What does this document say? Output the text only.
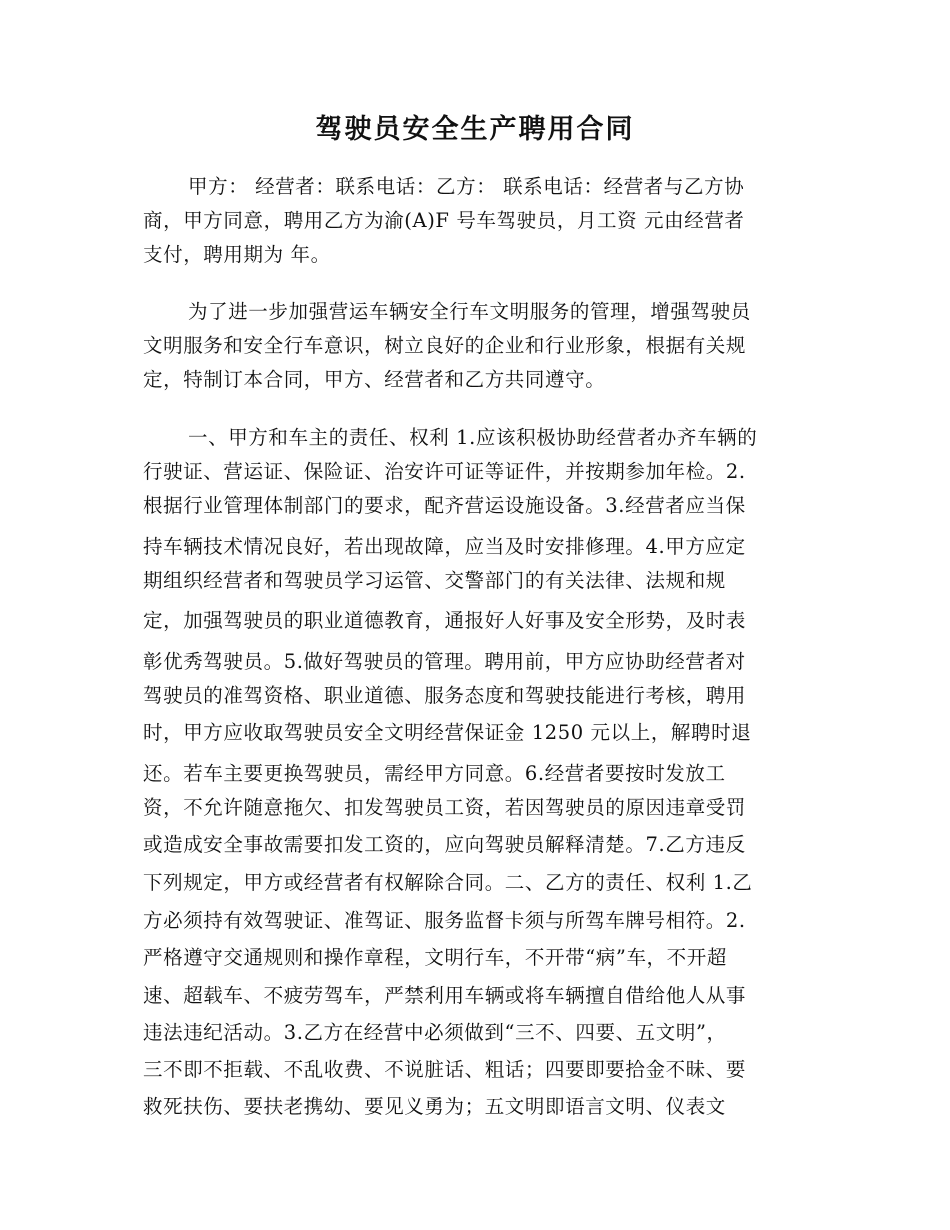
驾驶员安全生产聘用合同
甲方： 经营者：联系电话：乙方： 联系电话：经营者与乙方协
商，甲方同意，聘用乙方为渝(A)F 号车驾驶员，月工资 元由经营者
支付，聘用期为 年。
为了进一步加强营运车辆安全行车文明服务的管理，增强驾驶员
文明服务和安全行车意识，树立良好的企业和行业形象，根据有关规
定，特制订本合同，甲方、经营者和乙方共同遵守。
一、甲方和车主的责任、权利 1.应该积极协助经营者办齐车辆的
行驶证、营运证、保险证、治安许可证等证件，并按期参加年检。2.
根据行业管理体制部门的要求，配齐营运设施设备。3.经营者应当保
持车辆技术情况良好，若出现故障，应当及时安排修理。4.甲方应定
期组织经营者和驾驶员学习运管、交警部门的有关法律、法规和规
定，加强驾驶员的职业道德教育，通报好人好事及安全形势，及时表
彰优秀驾驶员。5.做好驾驶员的管理。聘用前，甲方应协助经营者对
驾驶员的准驾资格、职业道德、服务态度和驾驶技能进行考核，聘用
时，甲方应收取驾驶员安全文明经营保证金 1250 元以上，解聘时退
还。若车主要更换驾驶员，需经甲方同意。6.经营者要按时发放工
资，不允许随意拖欠、扣发驾驶员工资，若因驾驶员的原因违章受罚
或造成安全事故需要扣发工资的，应向驾驶员解释清楚。7.乙方违反
下列规定，甲方或经营者有权解除合同。二、乙方的责任、权利 1.乙
方必须持有效驾驶证、准驾证、服务监督卡须与所驾车牌号相符。2.
严格遵守交通规则和操作章程，文明行车，不开带“病”车，不开超
速、超载车、不疲劳驾车，严禁利用车辆或将车辆擅自借给他人从事
违法违纪活动。3.乙方在经营中必须做到“三不、四要、五文明”，
三不即不拒载、不乱收费、不说脏话、粗话；四要即要拾金不昧、要
救死扶伤、要扶老携幼、要见义勇为；五文明即语言文明、仪表文
